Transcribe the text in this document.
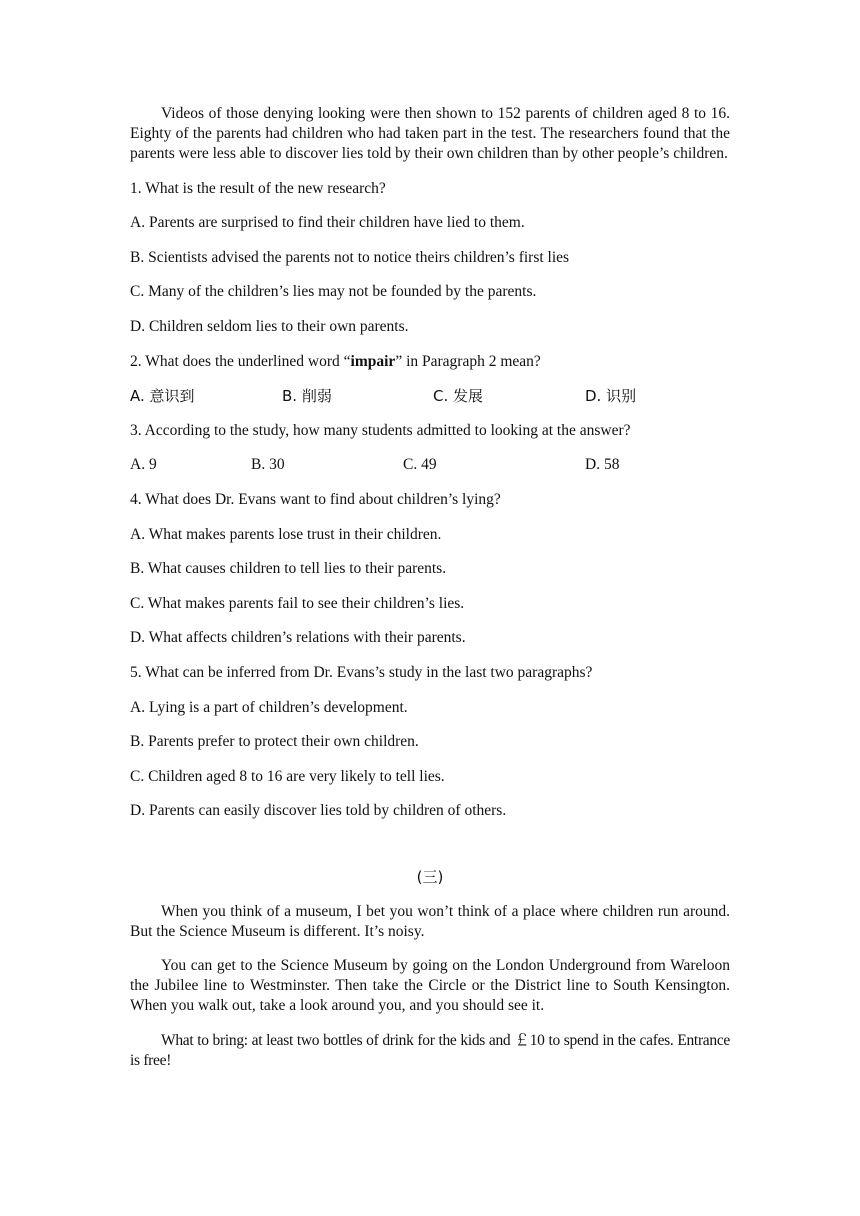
Videos of those denying looking were then shown to 152 parents of children aged 8 to 16. Eighty of the parents had children who had taken part in the test. The researchers found that the parents were less able to discover lies told by their own children than by other people’s children.

1. What is the result of the new research?

A. Parents are surprised to find their children have lied to them.

B. Scientists advised the parents not to notice theirs children’s first lies

C. Many of the children’s lies may not be founded by the parents.

D. Children seldom lies to their own parents.

2. What does the underlined word “impair” in Paragraph 2 mean?

A. 意识到	B. 削弱	C. 发展	D. 识别

3. According to the study, how many students admitted to looking at the answer?

A. 9	B. 30	C. 49	D. 58

4. What does Dr. Evans want to find about children’s lying?

A. What makes parents lose trust in their children.

B. What causes children to tell lies to their parents.

C. What makes parents fail to see their children’s lies.

D. What affects children’s relations with their parents.

5. What can be inferred from Dr. Evans’s study in the last two paragraphs?

A. Lying is a part of children’s development.

B. Parents prefer to protect their own children.

C. Children aged 8 to 16 are very likely to tell lies.

D. Parents can easily discover lies told by children of others.

(三)

When you think of a museum, I bet you won’t think of a place where children run around. But the Science Museum is different. It’s noisy.

You can get to the Science Museum by going on the London Underground from Wareloon the Jubilee line to Westminster. Then take the Circle or the District line to South Kensington. When you walk out, take a look around you, and you should see it.

What to bring: at least two bottles of drink for the kids and ￡10 to spend in the cafes. Entrance is free!
